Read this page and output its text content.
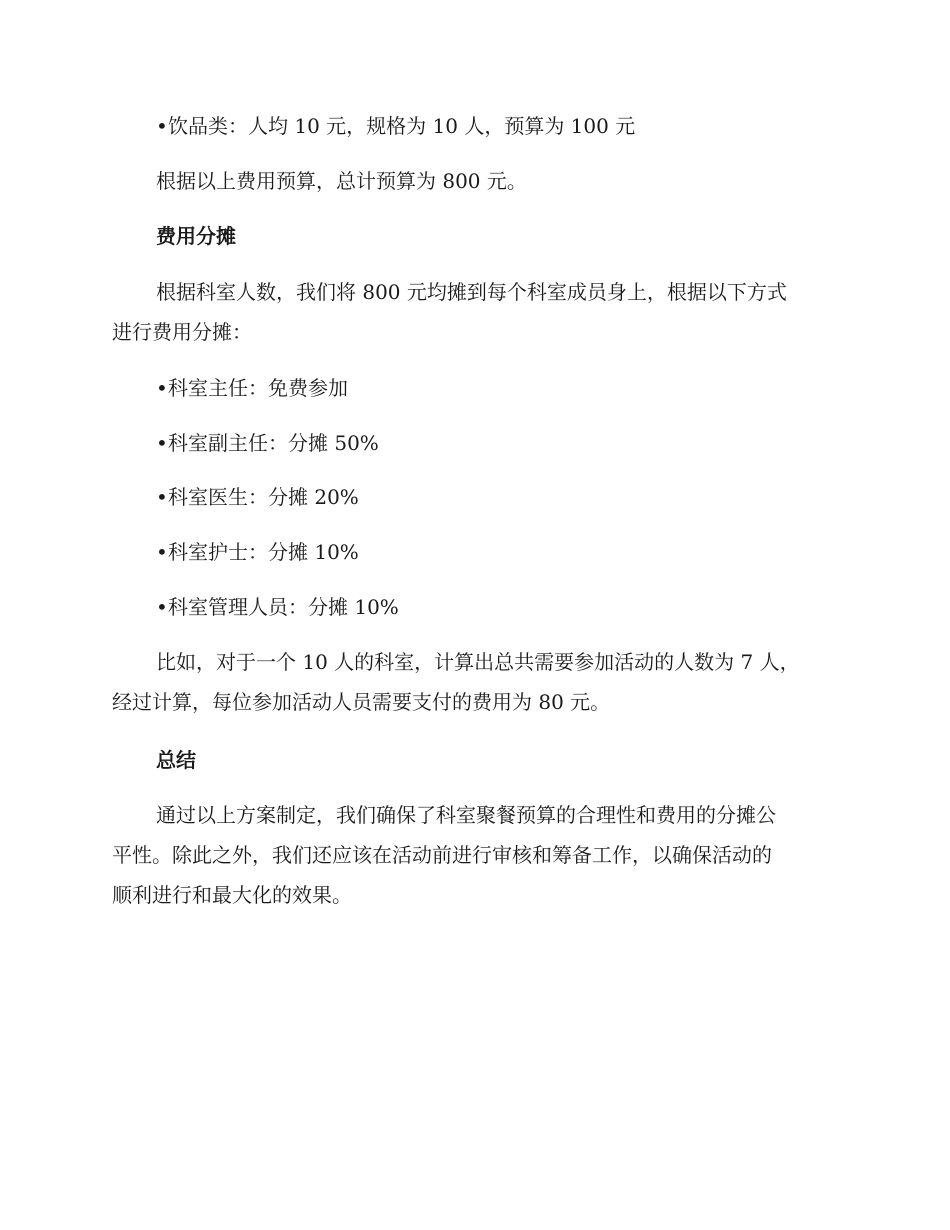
•饮品类：人均 10 元，规格为 10 人，预算为 100 元
根据以上费用预算，总计预算为 800 元。
费用分摊
根据科室人数，我们将 800 元均摊到每个科室成员身上，根据以下方式
进行费用分摊：
•科室主任：免费参加
•科室副主任：分摊 50%
•科室医生：分摊 20%
•科室护士：分摊 10%
•科室管理人员：分摊 10%
比如，对于一个 10 人的科室，计算出总共需要参加活动的人数为 7 人，
经过计算，每位参加活动人员需要支付的费用为 80 元。
总结
通过以上方案制定，我们确保了科室聚餐预算的合理性和费用的分摊公
平性。除此之外，我们还应该在活动前进行审核和筹备工作，以确保活动的
顺利进行和最大化的效果。
